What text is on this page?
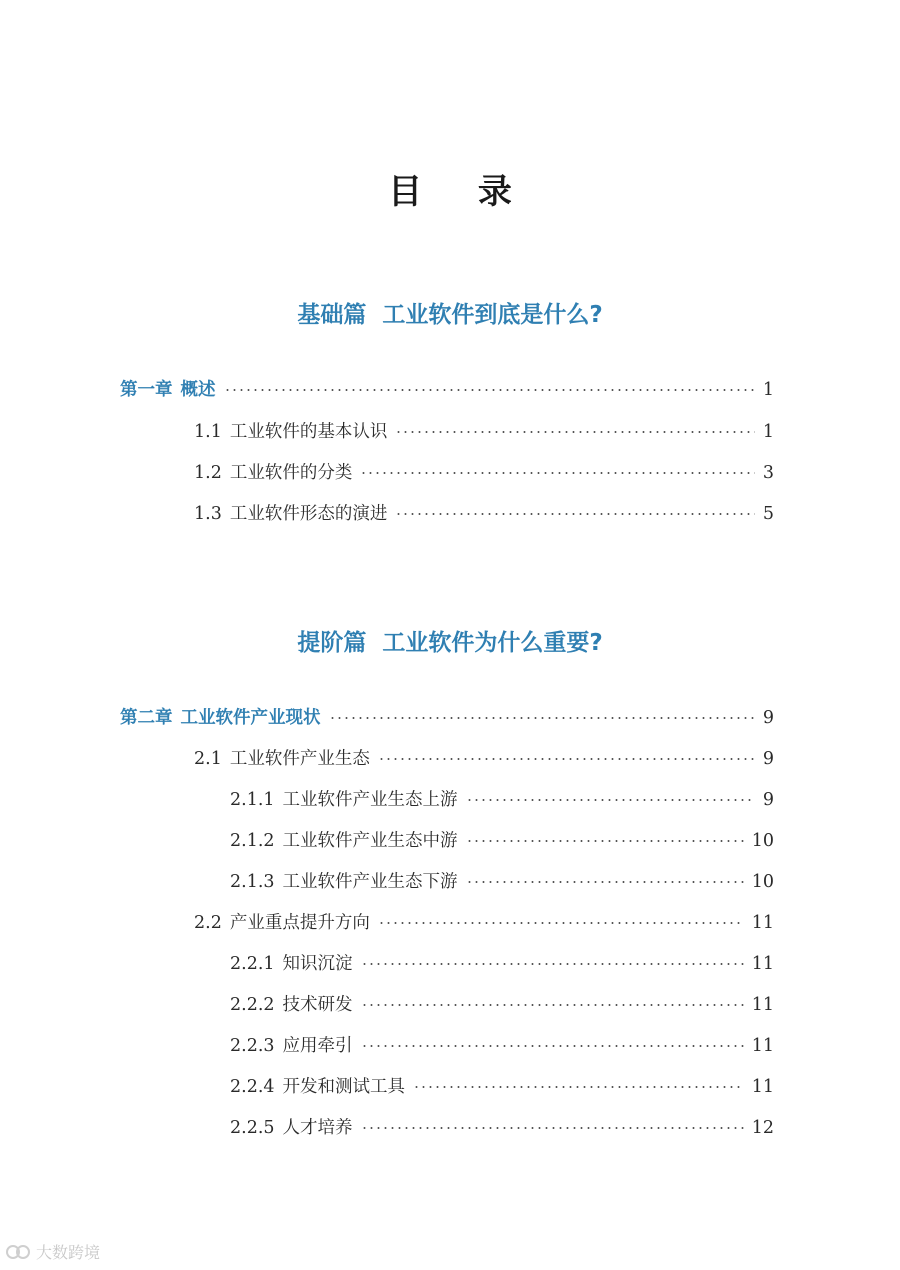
目 录
基础篇 工业软件到底是什么?
第一章 概述	1
1.1 工业软件的基本认识	1
1.2 工业软件的分类	3
1.3 工业软件形态的演进	5
提阶篇 工业软件为什么重要?
第二章 工业软件产业现状	9
2.1 工业软件产业生态	9
2.1.1 工业软件产业生态上游	9
2.1.2 工业软件产业生态中游	10
2.1.3 工业软件产业生态下游	10
2.2 产业重点提升方向	11
2.2.1 知识沉淀	11
2.2.2 技术研发	11
2.2.3 应用牵引	11
2.2.4 开发和测试工具	11
2.2.5 人才培养	12
大数跨境
